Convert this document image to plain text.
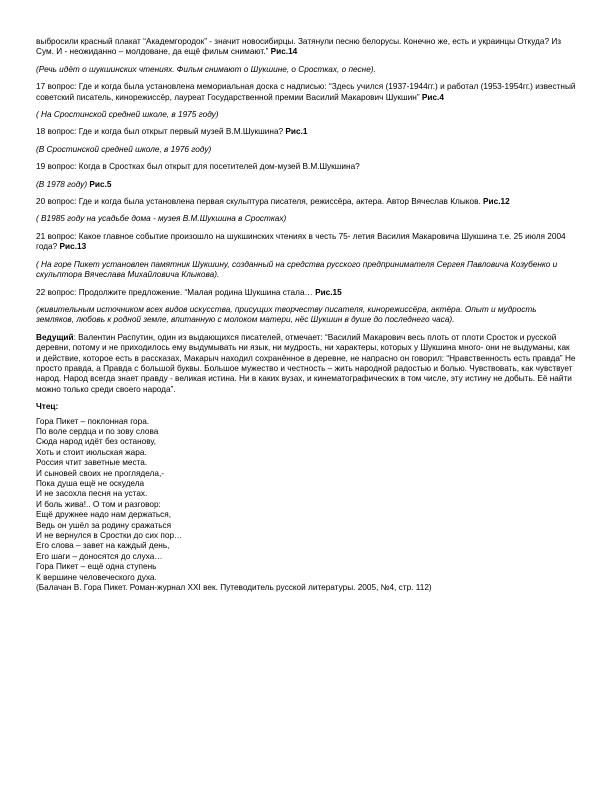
выбросили красный плакат “Академгородок” - значит новосибирцы. Затянули песню белорусы. Конечно же, есть и украинцы Откуда? Из Сум. И - неожиданно – молдоване, да ещё фильм снимают.” Рис.14

(Речь идёт о шукшинских чтениях. Фильм снимают о Шукшине, о Сростках, о песне).

17 вопрос: Где и когда была установлена мемориальная доска с надписью: “Здесь учился (1937-1944гг.) и работал (1953-1954гг.) известный советский писатель, кинорежиссёр, лауреат Государственной премии Василий Макарович Шукшин” Рис.4

( На Сростинской средней школе, в 1975 году)

18 вопрос: Где и когда был открыт первый музей В.М.Шукшина? Рис.1

(В Сростинской средней школе, в 1976 году)

19 вопрос: Когда в Сростках был открыт для посетителей дом-музей В.М.Шукшина?

(В 1978 году) Рис.5

20 вопрос: Где и когда была установлена первая скульптура писателя, режиссёра, актера. Автор Вячеслав Клыков. Рис.12

( В1985 году на усадьбе дома - музея В.М.Шукшина в Сростках)

21 вопрос: Какое главное событие произошло на шукшинских чтениях в честь 75- летия Василия Макаровича Шукшина т.е. 25 июля 2004 года? Рис.13

( На горе Пикет установлен памятник Шукшину, созданный на средства русского предпринимателя Сергея Павловича Козубенко и скульптора Вячеслава Михайловича Клыкова).

22 вопрос: Продолжите предложение. “Малая родина Шукшина стала… Рис.15

(живительным источником всех видов искусства, присущих творчеству писателя, кинорежиссёра, актёра. Опыт и мудрость земляков, любовь к родной земле, впитанную с молоком матери, нёс Шукшин в душе до последнего часа).

Ведущий: Валентин Распутин, один из выдающихся писателей, отмечает: “Василий Макарович весь плоть от плоти Сросток и русской деревни, потому и не приходилось ему выдумывать ни язык, ни мудрость, ни характеры, которых у Шукшина много- они не выдуманы, как и действие, которое есть в рассказах, Макарыч находил сохранённое в деревне, не напрасно он говорил: “Нравственность есть правда” Не просто правда, а Правда с большой буквы. Большое мужество и честность – жить народной радостью и болью. Чувствовать, как чувствует народ. Народ всегда знает правду - великая истина. Ни в каких вузах, и кинематографических в том числе, эту истину не добыть. Её найти можно только среди своего народа”.

Чтец:

Гора Пикет – поклонная гора.
По воле сердца и по зову слова
Сюда народ идёт без останову,
Хоть и стоит июльская жара.
Россия чтит заветные места.
И сыновей своих не проглядела,-
Пока душа ещё не оскудела
И не засохла песня на устах.
И боль жива!.. О том и разговор:
Ещё дружнее надо нам держаться,
Ведь он ушёл за родину сражаться
И не вернулся в Сростки до сих пор…
Его слова – завет на каждый день,
Его шаги – доносятся до слуха…
Гора Пикет – ещё одна ступень
К вершине человеческого духа.
(Балачан В. Гора Пикет. Роман-журнал XXI век. Путеводитель русской литературы. 2005, №4, стр. 112)
